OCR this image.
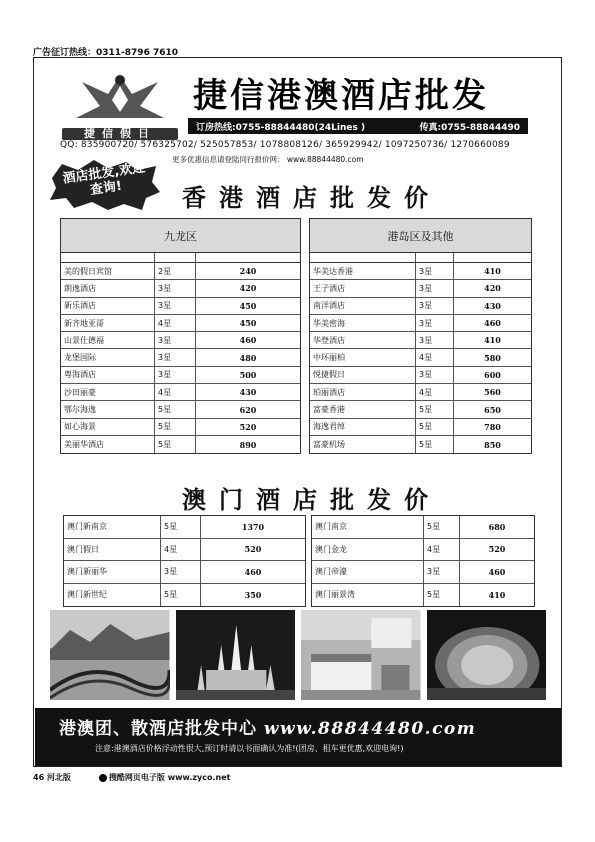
广告征订热线：0311-8796 7610
捷信假日
捷信港澳酒店批发
订房热线:0755-88844480(24Lines )	传真:0755-88844490
QQ: 835900720/ 576325702/ 525057853/ 1078808126/ 365929942/ 1097250736/ 1270660089
更多优惠信息请登陆同行报价网： www.88844480.com
酒店批发,欢迎查询!	香港酒店批发价
九龙区
美的假日宾馆	2星	240
朗逸酒店	3星	420
新乐酒店	3星	450
新齐地亚哥	4星	450
山景仕德福	3星	460
龙堡国际	3星	480
粤海酒店	3星	500
沙田丽豪	4星	430
鄂尔海逸	5星	620
如心海景	5星	520
美丽华酒店	5星	890
港岛区及其他
华美达香港	3星	410
王子酒店	3星	420
南洋酒店	3星	430
华美密海	3星	460
华登酒店	3星	410
中环丽柏	4星	580
悦捷假日	3星	600
珀丽酒店	4星	560
富豪香港	5星	650
海逸君绰	5星	780
富豪机场	5星	850
澳门酒店批发价
澳门新南京	5星	1370
澳门假日	4星	520
澳门新丽华	3星	460
澳门新世纪	5星	350
澳门南京	5星	680
澳门金龙	4星	520
澳门帝濠	3星	460
澳门丽景湾	5星	410
港澳团、散酒店批发中心 www.88844480.com
注意:港澳酒店价格浮动性很大,预订时请以书面确认为准!(团房、租车更优惠,欢迎电询!)
46 河北版	搜酷网页电子版 www.zyco.net
